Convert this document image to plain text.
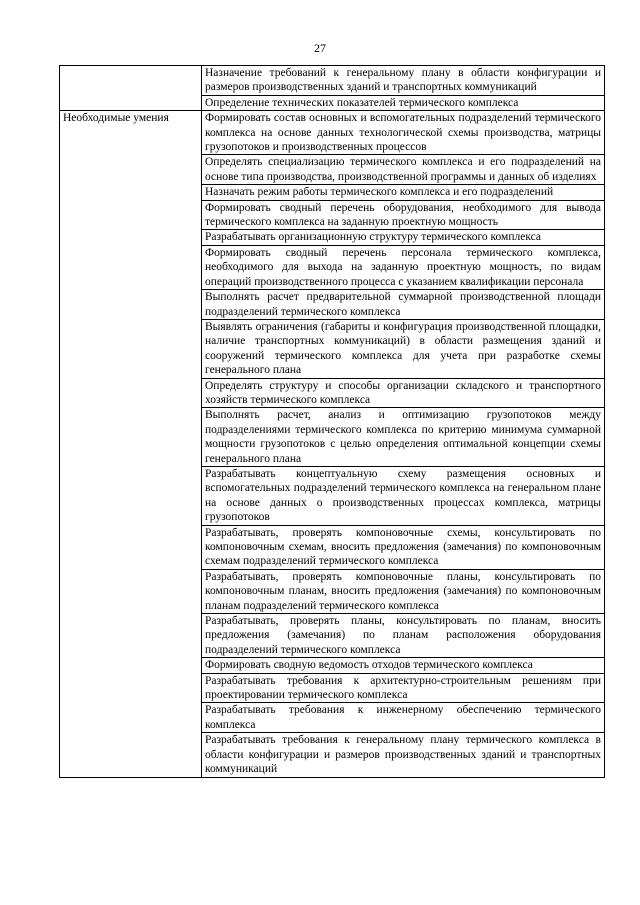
27
	Назначение требований к генеральному плану в области конфигурации и размеров производственных зданий и транспортных коммуникаций
	Определение технических показателей термического комплекса
Необходимые умения	Формировать состав основных и вспомогательных подразделений термического комплекса на основе данных технологической схемы производства, матрицы грузопотоков и производственных процессов
	Определять специализацию термического комплекса и его подразделений на основе типа производства, производственной программы и данных об изделиях
	Назначать режим работы термического комплекса и его подразделений
	Формировать сводный перечень оборудования, необходимого для вывода термического комплекса на заданную проектную мощность
	Разрабатывать организационную структуру термического комплекса
	Формировать сводный перечень персонала термического комплекса, необходимого для выхода на заданную проектную мощность, по видам операций производственного процесса с указанием квалификации персонала
	Выполнять расчет предварительной суммарной производственной площади подразделений термического комплекса
	Выявлять ограничения (габариты и конфигурация производственной площадки, наличие транспортных коммуникаций) в области размещения зданий и сооружений термического комплекса для учета при разработке схемы генерального плана
	Определять структуру и способы организации складского и транспортного хозяйств термического комплекса
	Выполнять расчет, анализ и оптимизацию грузопотоков между подразделениями термического комплекса по критерию минимума суммарной мощности грузопотоков с целью определения оптимальной концепции схемы генерального плана
	Разрабатывать концептуальную схему размещения основных и вспомогательных подразделений термического комплекса на генеральном плане на основе данных о производственных процессах комплекса, матрицы грузопотоков
	Разрабатывать, проверять компоновочные схемы, консультировать по компоновочным схемам, вносить предложения (замечания) по компоновочным схемам подразделений термического комплекса
	Разрабатывать, проверять компоновочные планы, консультировать по компоновочным планам, вносить предложения (замечания) по компоновочным планам подразделений термического комплекса
	Разрабатывать, проверять планы, консультировать по планам, вносить предложения (замечания) по планам расположения оборудования подразделений термического комплекса
	Формировать сводную ведомость отходов термического комплекса
	Разрабатывать требования к архитектурно-строительным решениям при проектировании термического комплекса
	Разрабатывать требования к инженерному обеспечению термического комплекса
	Разрабатывать требования к генеральному плану термического комплекса в области конфигурации и размеров производственных зданий и транспортных коммуникаций
